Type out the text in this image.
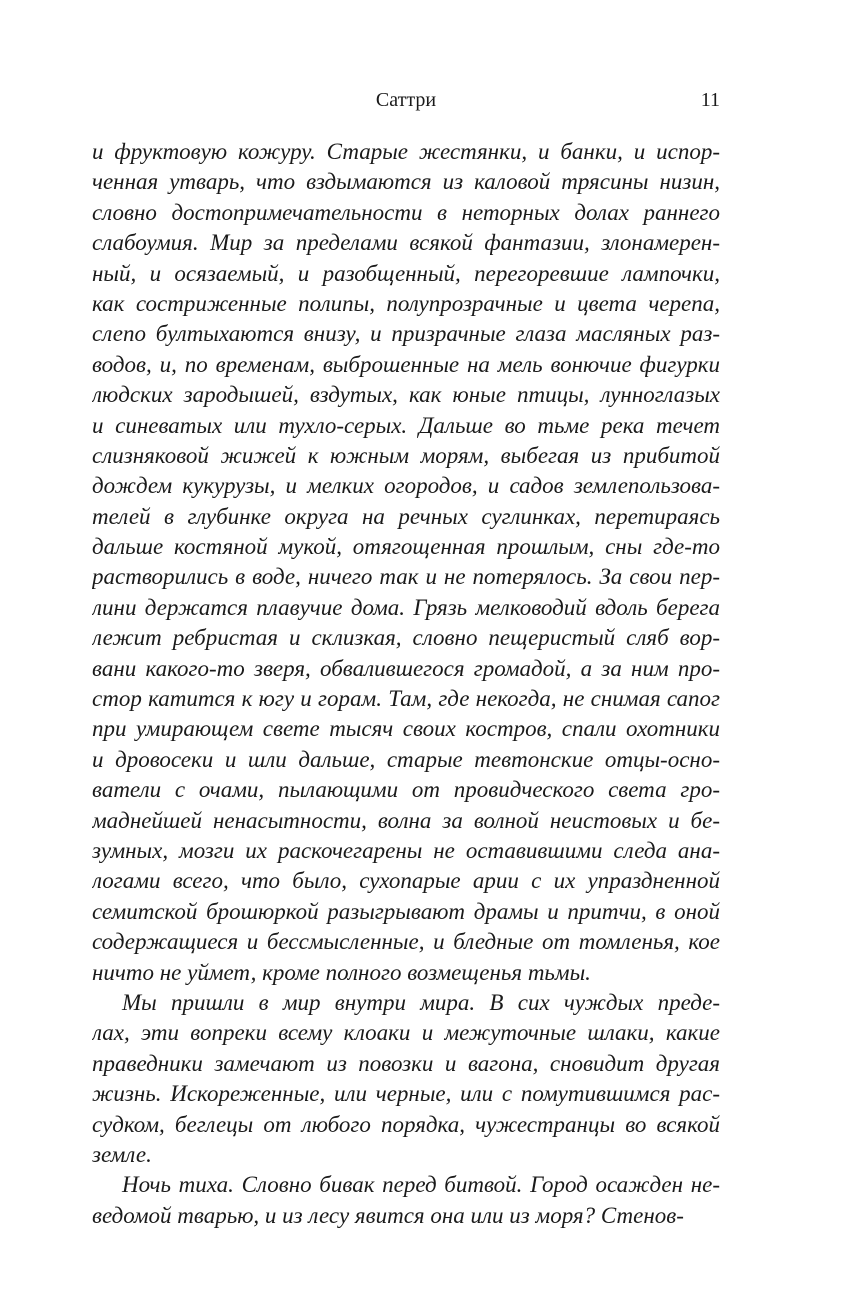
Саттри	11
и фруктовую кожуру. Старые жестянки, и банки, и испор-
ченная утварь, что вздымаются из каловой трясины низин,
словно достопримечательности в неторных долах раннего
слабоумия. Мир за пределами всякой фантазии, злонамерен-
ный, и осязаемый, и разобщенный, перегоревшие лампочки,
как состриженные полипы, полупрозрачные и цвета черепа,
слепо бултыхаются внизу, и призрачные глаза масляных раз-
водов, и, по временам, выброшенные на мель вонючие фигурки
людских зародышей, вздутых, как юные птицы, лунноглазых
и синеватых или тухло-серых. Дальше во тьме река течет
слизняковой жижей к южным морям, выбегая из прибитой
дождем кукурузы, и мелких огородов, и садов землепользова-
телей в глубинке округа на речных суглинках, перетираясь
дальше костяной мукой, отягощенная прошлым, сны где-то
растворились в воде, ничего так и не потерялось. За свои пер-
лини держатся плавучие дома. Грязь мелководий вдоль берега
лежит ребристая и склизкая, словно пещеристый сляб вор-
вани какого-то зверя, обвалившегося громадой, а за ним про-
стор катится к югу и горам. Там, где некогда, не снимая сапог
при умирающем свете тысяч своих костров, спали охотники
и дровосеки и шли дальше, старые тевтонские отцы-осно-
ватели с очами, пылающими от провидческого света гро-
маднейшей ненасытности, волна за волной неистовых и бе-
зумных, мозги их раскочегарены не оставившими следа ана-
логами всего, что было, сухопарые арии с их упраздненной
семитской брошюркой разыгрывают драмы и притчи, в оной
содержащиеся и бессмысленные, и бледные от томленья, кое
ничто не уймет, кроме полного возмещенья тьмы.
Мы пришли в мир внутри мира. В сих чуждых преде-
лах, эти вопреки всему клоаки и межуточные шлаки, какие
праведники замечают из повозки и вагона, сновидит другая
жизнь. Искореженные, или черные, или с помутившимся рас-
судком, беглецы от любого порядка, чужестранцы во всякой
земле.
Ночь тиха. Словно бивак перед битвой. Город осажден не-
ведомой тварью, и из лесу явится она или из моря? Стенов-
